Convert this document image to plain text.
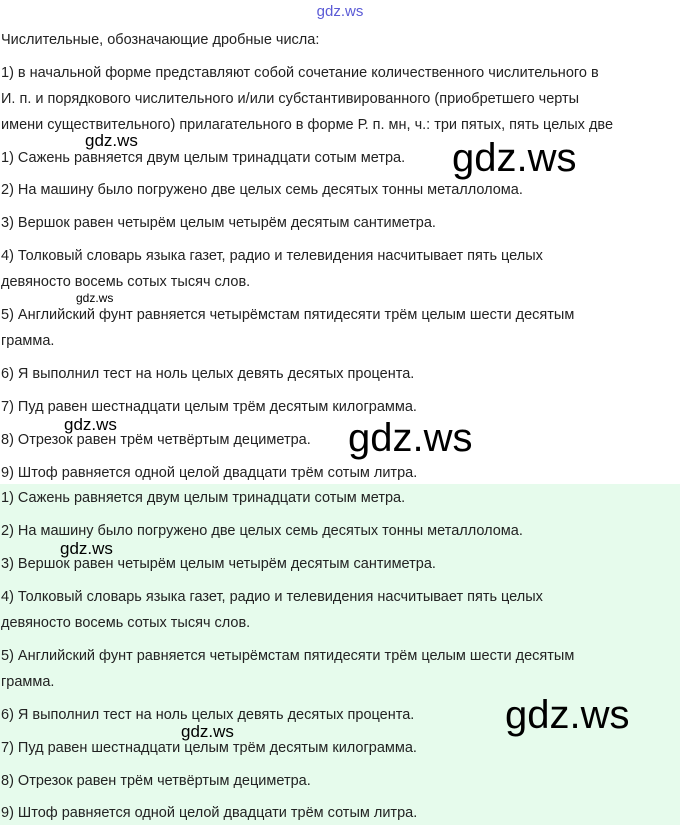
gdz.ws
Числительные, обозначающие дробные числа:
1) в начальной форме представляют собой сочетание количественного числительного в
И. п. и порядкового числительного и/или субстантивированного (приобретшего черты
имени существительного) прилагательного в форме Р. п. мн, ч.: три пятых, пять целых две
1) Сажень равняется двум целым тринадцати сотым метра.
2) На машину было погружено две целых семь десятых тонны металлолома.
3) Вершок равен четырём целым четырём десятым сантиметра.
4) Толковый словарь языка газет, радио и телевидения насчитывает пять целых
девяносто восемь сотых тысяч слов.
5) Английский фунт равняется четырёмстам пятидесяти трём целым шести десятым
грамма.
6) Я выполнил тест на ноль целых девять десятых процента.
7) Пуд равен шестнадцати целым трём десятым килограмма.
8) Отрезок равен трём четвёртым дециметра.
9) Штоф равняется одной целой двадцати трём сотым литра.
1) Сажень равняется двум целым тринадцати сотым метра.
2) На машину было погружено две целых семь десятых тонны металлолома.
3) Вершок равен четырём целым четырём десятым сантиметра.
4) Толковый словарь языка газет, радио и телевидения насчитывает пять целых
девяносто восемь сотых тысяч слов.
5) Английский фунт равняется четырёмстам пятидесяти трём целым шести десятым
грамма.
6) Я выполнил тест на ноль целых девять десятых процента.
7) Пуд равен шестнадцати целым трём десятым килограмма.
8) Отрезок равен трём четвёртым дециметра.
9) Штоф равняется одной целой двадцати трём сотым литра.
gdz.ws	gdz.ws
gdz.ws
gdz.ws	gdz.ws
gdz.ws
gdz.ws
gdz.ws
